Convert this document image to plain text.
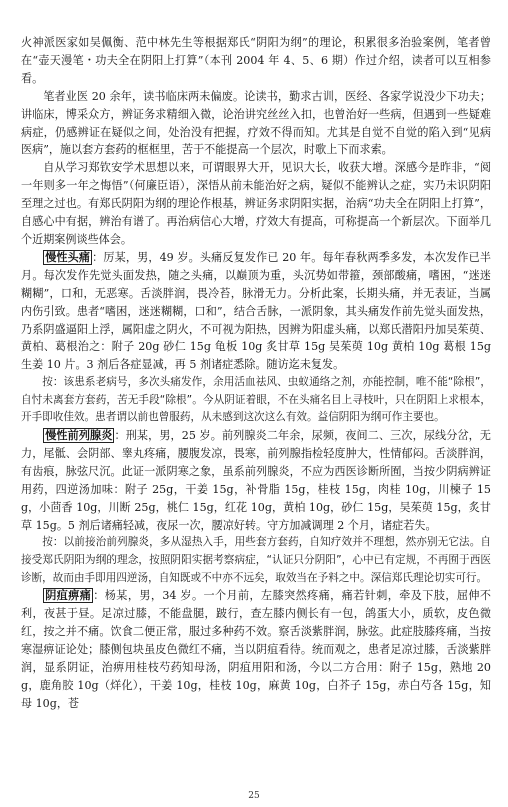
火神派医家如吴佩衡、范中林先生等根据郑氏“阴阳为纲”的理论，积累很多治验案例，笔者曾在“壶天漫笔・功夫全在阴阳上打算”（本刊 2004 年 4、5、6 期）作过介绍，读者可以互相参看。

笔者业医 20 余年，读书临床两未偏废。论读书，勤求古训，医经、各家学说没少下功夫；讲临床，博采众方，辨证务求精细入微，论治讲究丝丝入扣，也曾治好一些病，但遇到一些疑难病症，仍感辨证在疑似之间，处治没有把握，疗效不得而知。尤其是自觉不自觉的陷入到“见病医病”，施以套方套药的框框里，苦于不能提高一个层次，时歌上下而求索。

自从学习郑钦安学术思想以来，可谓眼界大开，见识大长，收获大增。深感今是昨非，“阅一年则多一年之悔悟”（何廉臣语），深悟从前未能治好之病，疑似不能辨认之症，实乃未识阴阳至理之过也。有郑氏阴阳为纲的理论作根基，辨证务求阴阳实据，治病“功夫全在阴阳上打算”，自感心中有据，辨治有谱了。再治病信心大增，疗效大有提高，可称提高一个新层次。下面举几个近期案例谈些体会。

慢性头痛 ：厉某，男，49 岁。头痛反复发作已 20 年。每年春秋两季多发，本次发作已半月。每次发作先觉头面发热，随之头痛，以巅顶为重，头沉势如带箍，颈部酸痛，嗜困，“迷迷糊糊”，口和，无恶寒。舌淡胖润，畏冷苔，脉滑无力。分析此案，长期头痛，并无表证，当属内伤引致。患者“嗜困，迷迷糊糊，口和”，结合舌脉，一派阴象，其头痛发作前先觉头面发热，乃系阴盛逼阳上浮，属阳虚之阴火，不可视为阳热，因辨为阳虚头痛，以郑氏潜阳丹加吴茱萸、黄柏、葛根治之：附子 20g 砂仁 15g 龟板 10g 炙甘草 15g 吴茱萸 10g 黄柏 10g 葛根 15g 生姜 10 片。3 剂后各症显减，再 5 剂诸症悉除。随访迄未复发。

按：该患系老病号，多次头痛发作，余用活血祛风、虫蚁通络之剂，亦能控制，唯不能“除根”，自忖未离套方套药，苦无手段“除根”。今从阴证着眼，不在头痛名目上寻枝叶，只在阴阳上求根本，开手即收佳效。患者谓以前也曾服药，从未感到这次这么有效。益信阴阳为纲可作主要也。

慢性前列腺炎 ：刑某，男，25 岁。前列腺炎二年余，尿频，夜间二、三次，尿线分岔，无力，尾骶、会阴部、睾丸疼痛，腰腹发凉，畏寒，前列腺指检轻度肿大，性情郁闷。舌淡胖润，有齿痕，脉弦尺沉。此证一派阴寒之象，虽系前列腺炎，不应为西医诊断所囿，当按少阴病辨证用药，四逆汤加味：附子 25g，干姜 15g，补骨脂 15g，桂枝 15g，肉桂 10g，川楝子 15g，小茴香 10g，川断 25g，桃仁 15g，红花 10g，黄柏 10g，砂仁 15g，吴茱萸 15g，炙甘草 15g。5 剂后诸痛轻减，夜尿一次，腰凉好转。守方加减调理 2 个月，诸症若失。

按：以前接治前列腺炎，多从湿热入手，用些套方套药，自知疗效并不理想，然亦别无它法。自接受郑氏阴阳为纲的理念，按照阴阳实据考察病症，“认证只分阴阳”，心中已有定规，不再囿于西医诊断，故而由手即用四逆汤，自知既或不中亦不远矣，取效当在予料之中。深信郑氏理论切实可行。

阴疽痹痛 ：杨某，男，34 岁。一个月前，左膝突然疼痛，痛若针刺，牵及下肢，屈伸不利，夜甚于昼。足凉过膝，不能盘腿，跛行，查左膝内侧长有一包，鸽蛋大小，质软，皮色微红，按之并不痛。饮食二便正常，服过多种药不效。察舌淡紫胖润，脉弦。此症肢膝疼痛，当按寒湿痹证论处；膝侧包块虽皮色微红不痛，当以阴疽看待。统而观之，患者足凉过膝，舌淡紫胖润，显系阴证，治痹用桂枝芍药知母汤，阴疽用阳和汤，今以二方合用：附子 15g，熟地 20g，鹿角胶 10g（烊化），干姜 10g，桂枝 10g，麻黄 10g，白芥子 15g，赤白芍各 15g，知母 10g，苍

25
